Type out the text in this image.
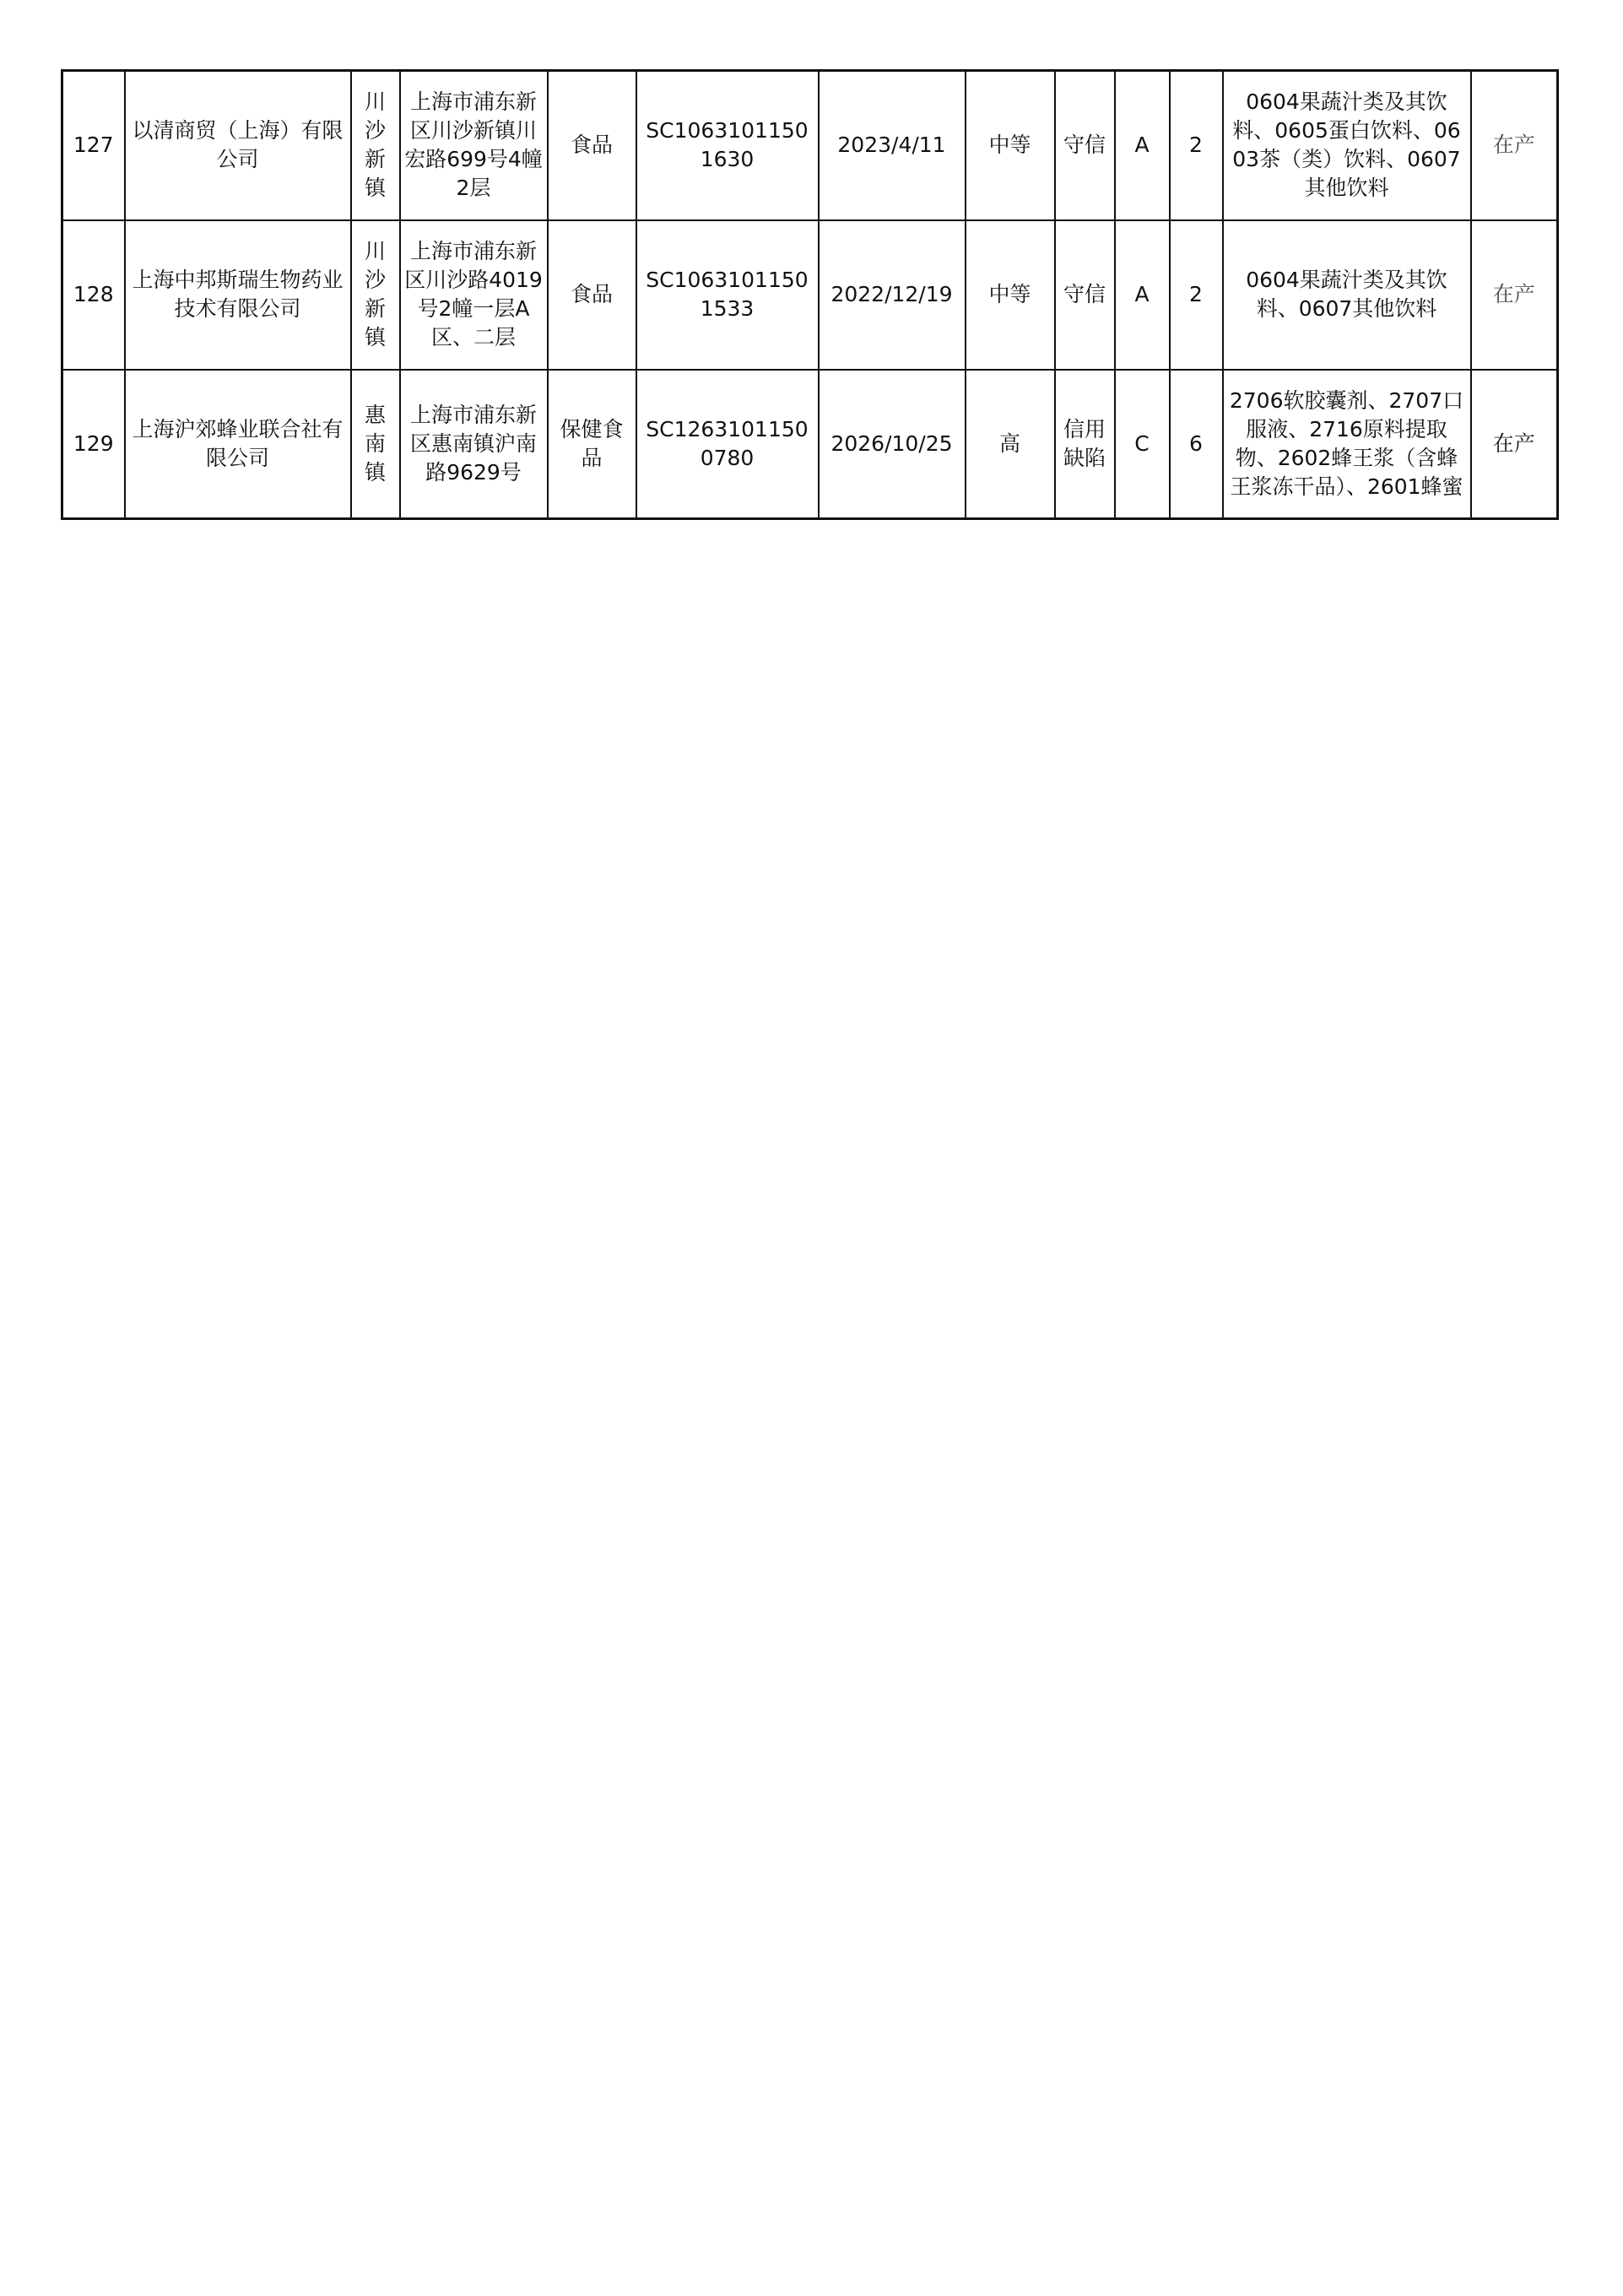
127	以清商贸（上海）有限公司	川沙新镇	上海市浦东新区川沙新镇川宏路699号4幢2层	食品	SC10631011501630	2023/4/11	中等	守信	A	2	0604果蔬汁类及其饮料、0605蛋白饮料、0603茶（类）饮料、0607其他饮料	在产
128	上海中邦斯瑞生物药业技术有限公司	川沙新镇	上海市浦东新区川沙路4019号2幢一层A区、二层	食品	SC10631011501533	2022/12/19	中等	守信	A	2	0604果蔬汁类及其饮料、0607其他饮料	在产
129	上海沪郊蜂业联合社有限公司	惠南镇	上海市浦东新区惠南镇沪南路9629号	保健食品	SC12631011500780	2026/10/25	高	信用缺陷	C	6	2706软胶囊剂、2707口服液、2716原料提取物、2602蜂王浆（含蜂王浆冻干品）、2601蜂蜜	在产
